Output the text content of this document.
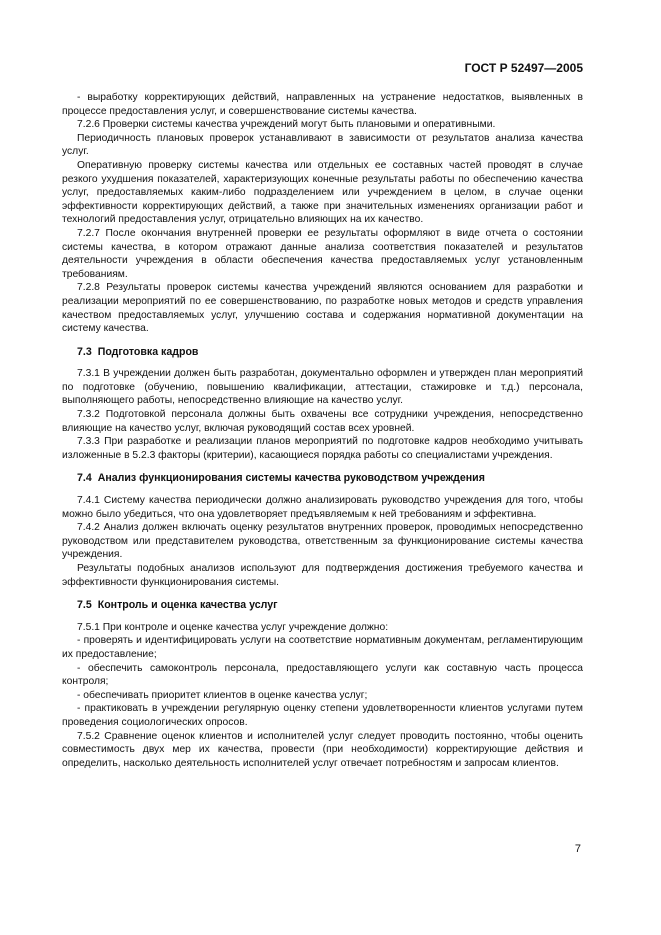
ГОСТ Р 52497—2005

- выработку корректирующих действий, направленных на устранение недостатков, выявленных в процессе предоставления услуг, и совершенствование системы качества.

7.2.6 Проверки системы качества учреждений могут быть плановыми и оперативными.

Периодичность плановых проверок устанавливают в зависимости от результатов анализа качества услуг.

Оперативную проверку системы качества или отдельных ее составных частей проводят в случае резкого ухудшения показателей, характеризующих конечные результаты работы по обеспечению качества услуг, предоставляемых каким-либо подразделением или учреждением в целом, в случае оценки эффективности корректирующих действий, а также при значительных изменениях организации работ и технологий предоставления услуг, отрицательно влияющих на их качество.

7.2.7 После окончания внутренней проверки ее результаты оформляют в виде отчета о состоянии системы качества, в котором отражают данные анализа соответствия показателей и результатов деятельности учреждения в области обеспечения качества предоставляемых услуг установленным требованиям.

7.2.8 Результаты проверок системы качества учреждений являются основанием для разработки и реализации мероприятий по ее совершенствованию, по разработке новых методов и средств управления качеством предоставляемых услуг, улучшению состава и содержания нормативной документации на систему качества.

7.3 Подготовка кадров

7.3.1 В учреждении должен быть разработан, документально оформлен и утвержден план мероприятий по подготовке (обучению, повышению квалификации, аттестации, стажировке и т.д.) персонала, выполняющего работы, непосредственно влияющие на качество услуг.

7.3.2 Подготовкой персонала должны быть охвачены все сотрудники учреждения, непосредственно влияющие на качество услуг, включая руководящий состав всех уровней.

7.3.3 При разработке и реализации планов мероприятий по подготовке кадров необходимо учитывать изложенные в 5.2.3 факторы (критерии), касающиеся порядка работы со специалистами учреждения.

7.4 Анализ функционирования системы качества руководством учреждения

7.4.1 Систему качества периодически должно анализировать руководство учреждения для того, чтобы можно было убедиться, что она удовлетворяет предъявляемым к ней требованиям и эффективна.

7.4.2 Анализ должен включать оценку результатов внутренних проверок, проводимых непосредственно руководством или представителем руководства, ответственным за функционирование системы качества учреждения.

Результаты подобных анализов используют для подтверждения достижения требуемого качества и эффективности функционирования системы.

7.5 Контроль и оценка качества услуг

7.5.1 При контроле и оценке качества услуг учреждение должно:

- проверять и идентифицировать услуги на соответствие нормативным документам, регламентирующим их предоставление;

- обеспечить самоконтроль персонала, предоставляющего услуги как составную часть процесса контроля;

- обеспечивать приоритет клиентов в оценке качества услуг;

- практиковать в учреждении регулярную оценку степени удовлетворенности клиентов услугами путем проведения социологических опросов.

7.5.2 Сравнение оценок клиентов и исполнителей услуг следует проводить постоянно, чтобы оценить совместимость двух мер их качества, провести (при необходимости) корректирующие действия и определить, насколько деятельность исполнителей услуг отвечает потребностям и запросам клиентов.

7
